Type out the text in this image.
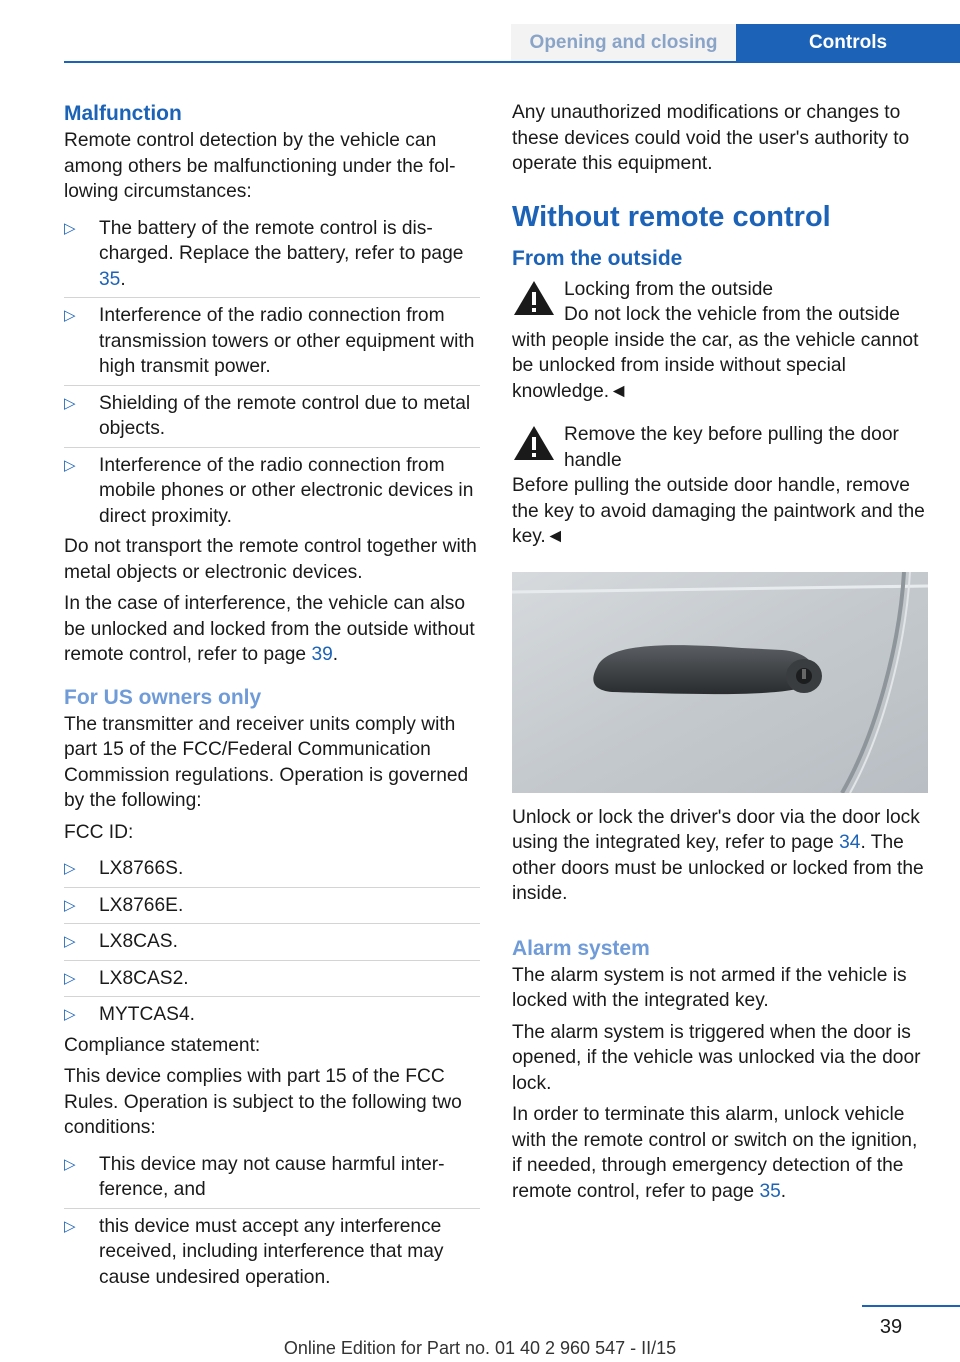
Opening and closing	Controls
Malfunction

Remote control detection by the vehicle can among others be malfunctioning under the following circumstances:

▷ The battery of the remote control is discharged. Replace the battery, refer to page 35.
▷ Interference of the radio connection from transmission towers or other equipment with high transmit power.
▷ Shielding of the remote control due to metal objects.
▷ Interference of the radio connection from mobile phones or other electronic devices in direct proximity.

Do not transport the remote control together with metal objects or electronic devices.

In the case of interference, the vehicle can also be unlocked and locked from the outside without remote control, refer to page 39.

For US owners only

The transmitter and receiver units comply with part 15 of the FCC/Federal Communication Commission regulations. Operation is governed by the following:

FCC ID:

▷ LX8766S.
▷ LX8766E.
▷ LX8CAS.
▷ LX8CAS2.
▷ MYTCAS4.

Compliance statement:

This device complies with part 15 of the FCC Rules. Operation is subject to the following two conditions:

▷ This device may not cause harmful interference, and
▷ this device must accept any interference received, including interference that may cause undesired operation.

Any unauthorized modifications or changes to these devices could void the user's authority to operate this equipment.

Without remote control
From the outside
Locking from the outside

Do not lock the vehicle from the outside with people inside the car, as the vehicle cannot be unlocked from inside without special knowledge.◄

Remove the key before pulling the door handle

Before pulling the outside door handle, remove the key to avoid damaging the paintwork and the key.◄

Unlock or lock the driver's door via the door lock using the integrated key, refer to page 34. The other doors must be unlocked or locked from the inside.

Alarm system

The alarm system is not armed if the vehicle is locked with the integrated key.

The alarm system is triggered when the door is opened, if the vehicle was unlocked via the door lock.

In order to terminate this alarm, unlock vehicle with the remote control or switch on the ignition, if needed, through emergency detection of the remote control, refer to page 35.

39
Online Edition for Part no. 01 40 2 960 547 - II/15
